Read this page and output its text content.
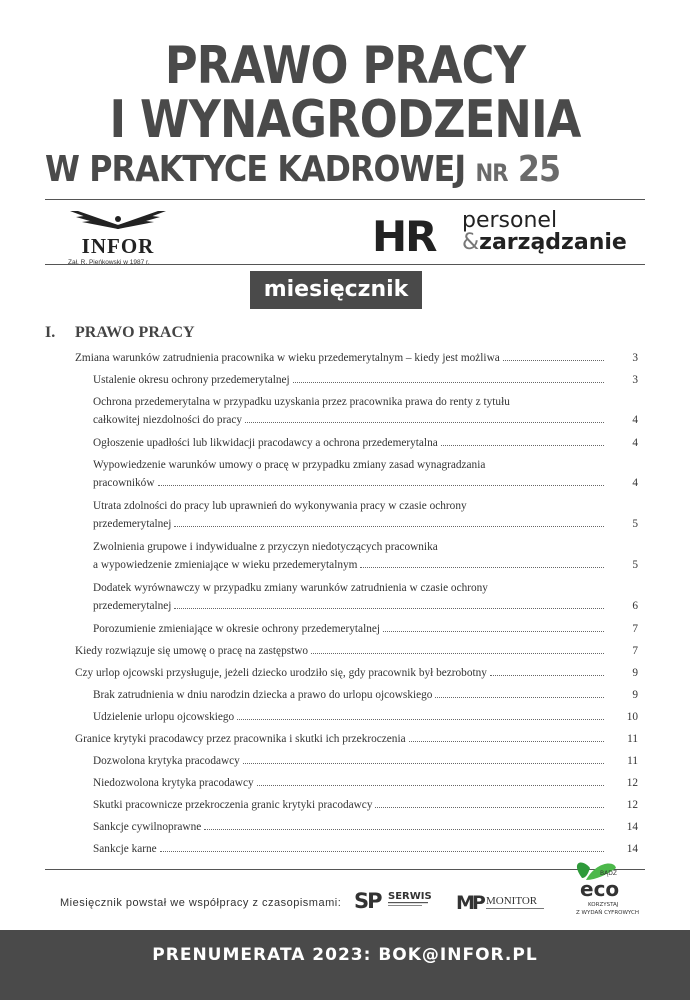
PRAWO PRACY
I WYNAGRODZENIA
W PRAKTYCE KADROWEJ NR 25
INFOR
Zał. R. Pieńkowski w 1987 r.
HR personel
&zarządzanie
miesięcznik
I. PRAWO PRACY
Zmiana warunków zatrudnienia pracownika w wieku przedemerytalnym – kiedy jest możliwa	3
Ustalenie okresu ochrony przedemerytalnej	3
Ochrona przedemerytalna w przypadku uzyskania przez pracownika prawa do renty z tytułu
całkowitej niezdolności do pracy	4
Ogłoszenie upadłości lub likwidacji pracodawcy a ochrona przedemerytalna	4
Wypowiedzenie warunków umowy o pracę w przypadku zmiany zasad wynagradzania
pracowników	4
Utrata zdolności do pracy lub uprawnień do wykonywania pracy w czasie ochrony
przedemerytalnej	5
Zwolnienia grupowe i indywidualne z przyczyn niedotyczących pracownika
a wypowiedzenie zmieniające w wieku przedemerytalnym	5
Dodatek wyrównawczy w przypadku zmiany warunków zatrudnienia w czasie ochrony
przedemerytalnej	6
Porozumienie zmieniające w okresie ochrony przedemerytalnej	7
Kiedy rozwiązuje się umowę o pracę na zastępstwo	7
Czy urlop ojcowski przysługuje, jeżeli dziecko urodziło się, gdy pracownik był bezrobotny	9
Brak zatrudnienia w dniu narodzin dziecka a prawo do urlopu ojcowskiego	9
Udzielenie urlopu ojcowskiego	10
Granice krytyki pracodawcy przez pracownika i skutki ich przekroczenia	11
Dozwolona krytyka pracodawcy	11
Niedozwolona krytyka pracodawcy	12
Skutki pracownicze przekroczenia granic krytyki pracodawcy	12
Sankcje cywilnoprawne	14
Sankcje karne	14
Miesięcznik powstał we współpracy z czasopismami: SP SERWIS MP MONITOR
BĄDŹ
eco
KORZYSTAJ
Z WYDAŃ CYFROWYCH
PRENUMERATA 2023: BOK@INFOR.PL
